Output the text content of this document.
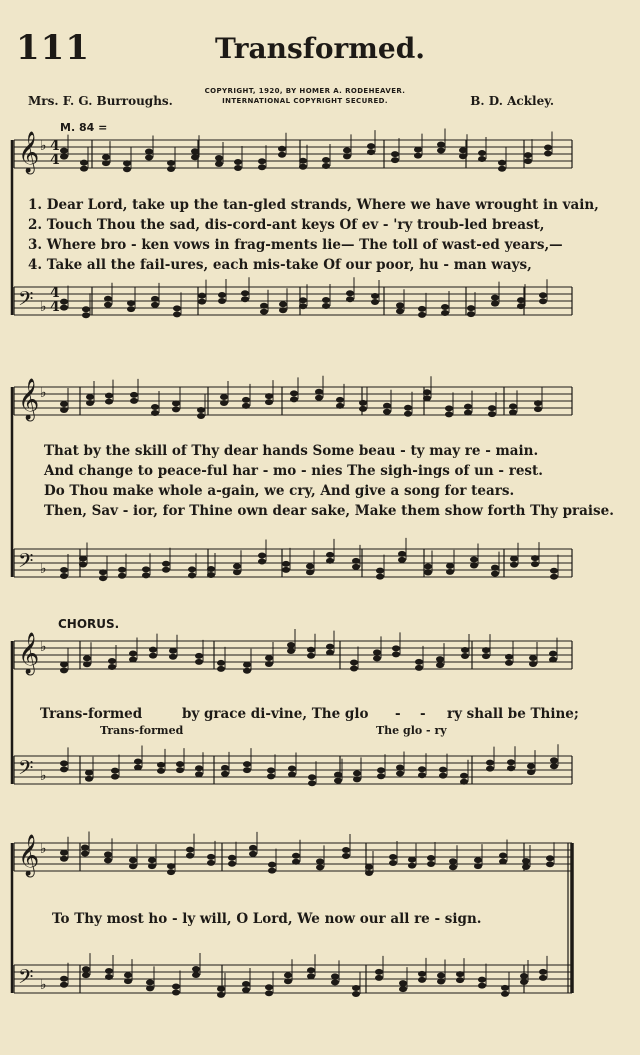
111	Transformed.
Mrs. F. G. Burroughs.
COPYRIGHT, 1920, BY HOMER A. RODEHEAVER.
INTERNATIONAL COPYRIGHT SECURED.	B. D. Ackley.
M. 84 =
𝄞
𝄢
♭
♭
𝄞
𝄢
♭
♭
𝄞
𝄢
♭
♭
𝄞
𝄢
♭
♭
4
4
4
4
1. Dear Lord, take up the tan-gled strands, Where we have wrought in vain,
2. Touch Thou the sad, dis-cord-ant keys Of ev - 'ry troub-led breast,
3. Where bro - ken vows in frag-ments lie— The toll of wast-ed years,—
4. Take all the fail-ures, each mis-take Of our poor, hu - man ways,
That by the skill of Thy dear hands Some beau - ty may re - main.
And change to peace-ful har - mo - nies The sigh-ings of un - rest.
Do Thou make whole a-gain, we cry, And give a song for tears.
Then, Sav - ior, for Thine own dear sake, Make them show forth Thy praise.
CHORUS.
Trans-formed	by grace di-vine, The glo - - ry shall be Thine;
Trans-formed	The glo - ry
To Thy most ho - ly will, O Lord, We now our all re - sign.
